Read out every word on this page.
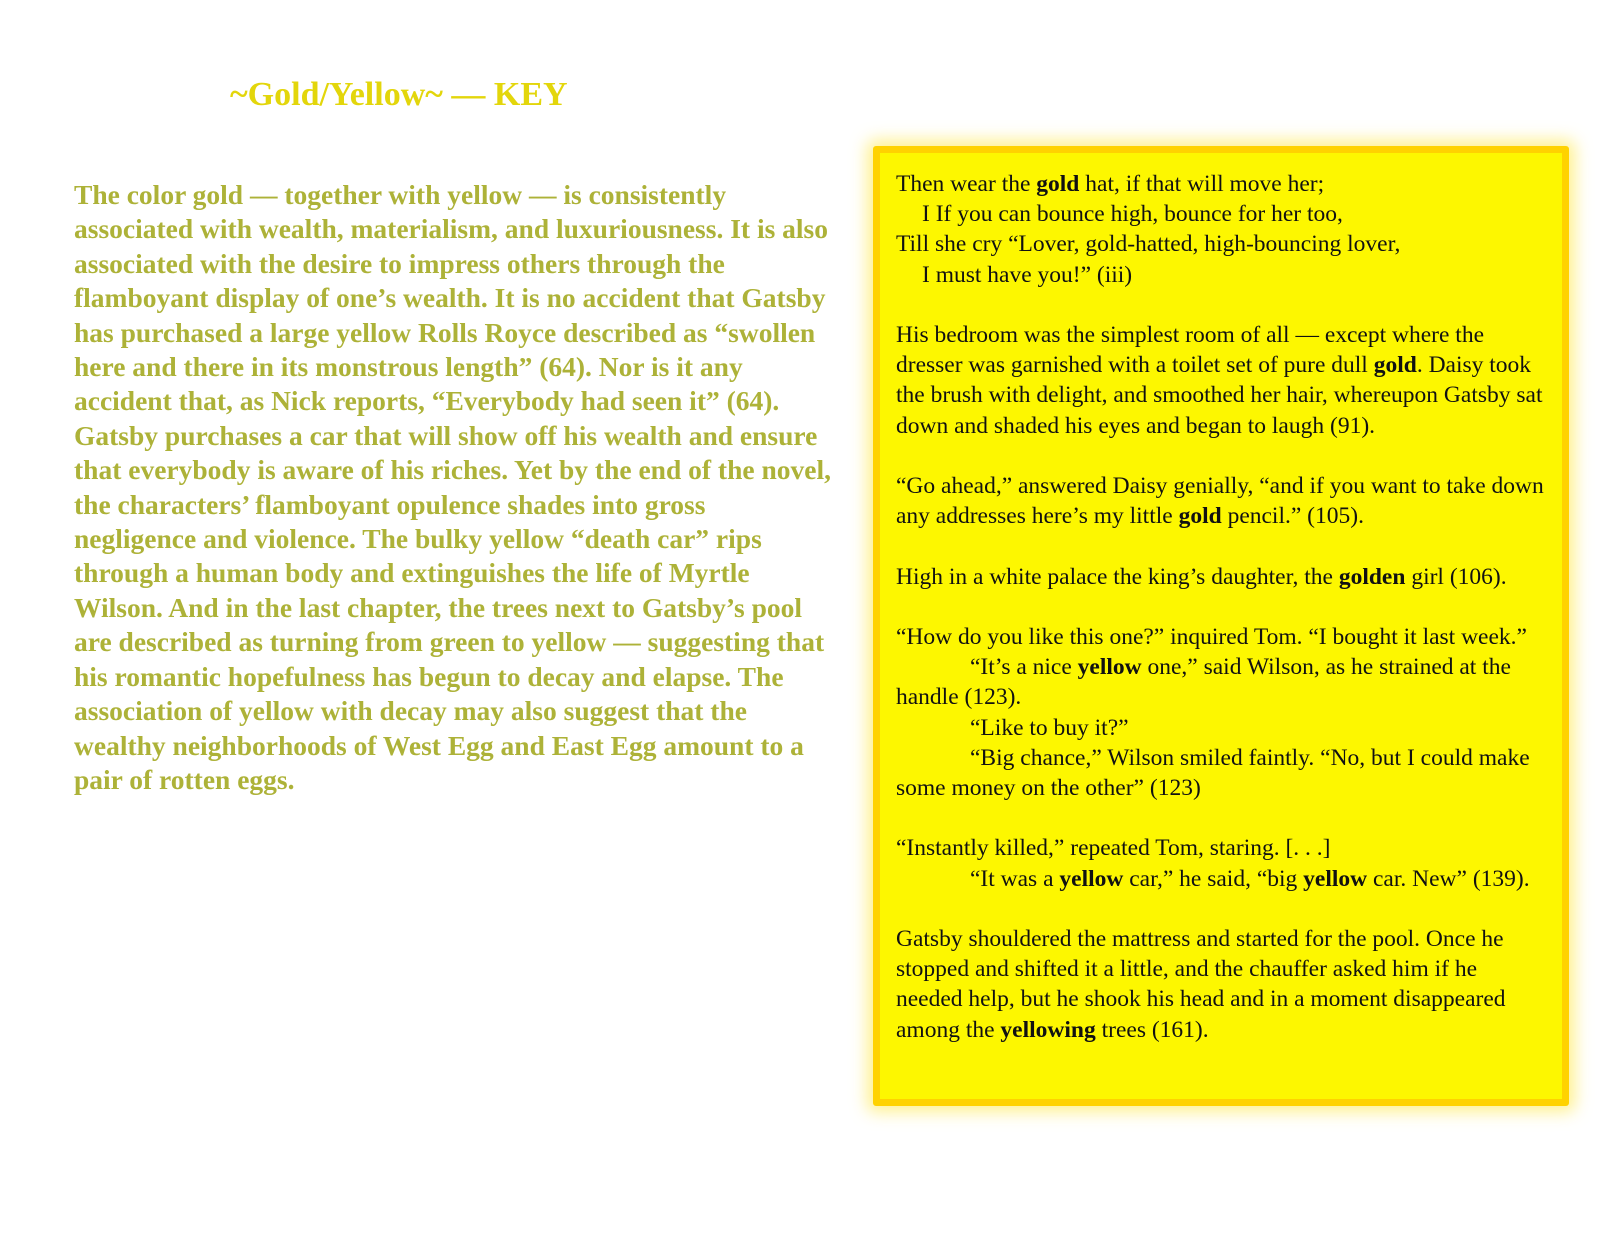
~Gold/Yellow~ — KEY

The color gold — together with yellow — is consistently associated with wealth, materialism, and luxuriousness. It is also associated with the desire to impress others through the flamboyant display of one’s wealth. It is no accident that Gatsby has purchased a large yellow Rolls Royce described as “swollen here and there in its monstrous length” (64). Nor is it any accident that, as Nick reports, “Everybody had seen it” (64). Gatsby purchases a car that will show off his wealth and ensure that everybody is aware of his riches. Yet by the end of the novel, the characters’ flamboyant opulence shades into gross negligence and violence. The bulky yellow “death car” rips through a human body and extinguishes the life of Myrtle Wilson. And in the last chapter, the trees next to Gatsby’s pool are described as turning from green to yellow — suggesting that his romantic hopefulness has begun to decay and elapse. The association of yellow with decay may also suggest that the wealthy neighborhoods of West Egg and East Egg amount to a pair of rotten eggs.

Then wear the gold hat, if that will move her;

I If you can bounce high, bounce for her too,

Till she cry “Lover, gold-hatted, high-bouncing lover,

I must have you!” (iii)

His bedroom was the simplest room of all — except where the dresser was garnished with a toilet set of pure dull gold. Daisy took the brush with delight, and smoothed her hair, whereupon Gatsby sat down and shaded his eyes and began to laugh (91).

“Go ahead,” answered Daisy genially, “and if you want to take down any addresses here’s my little gold pencil.” (105).

High in a white palace the king’s daughter, the golden girl (106).

“How do you like this one?” inquired Tom. “I bought it last week.”

“It’s a nice yellow one,” said Wilson, as he strained at the handle (123).

“Like to buy it?”

“Big chance,” Wilson smiled faintly. “No, but I could make some money on the other” (123)

“Instantly killed,” repeated Tom, staring. [. . .]

“It was a yellow car,” he said, “big yellow car. New” (139).

Gatsby shouldered the mattress and started for the pool. Once he stopped and shifted it a little, and the chauffer asked him if he needed help, but he shook his head and in a moment disappeared among the yellowing trees (161).
